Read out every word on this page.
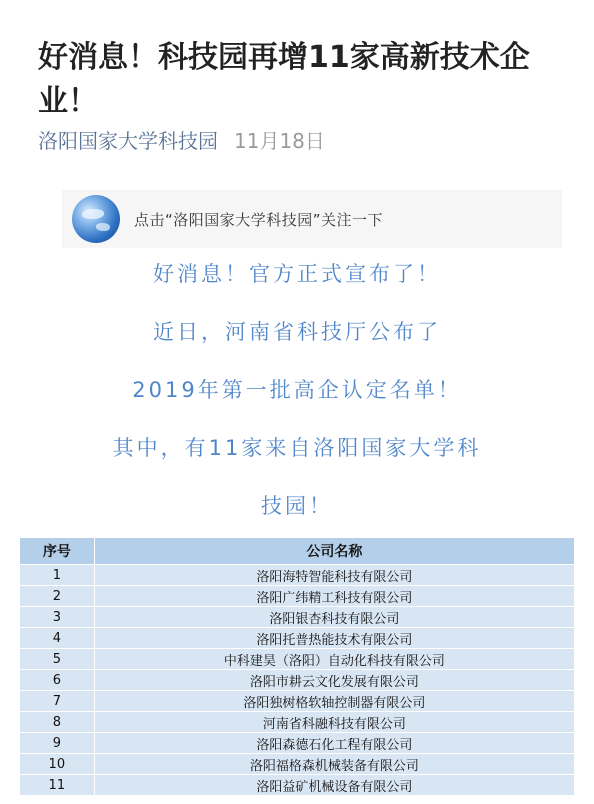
好消息！科技园再增11家高新技术企业！
洛阳国家大学科技园 11月18日
点击“洛阳国家大学科技园”关注一下

好消息！官方正式宣布了！

近日，河南省科技厅公布了

2019年第一批高企认定名单！

其中，有11家来自洛阳国家大学科

技园！

序号	公司名称
1	洛阳海特智能科技有限公司
2	洛阳广纬精工科技有限公司
3	洛阳银杏科技有限公司
4	洛阳托普热能技术有限公司
5	中科建昊（洛阳）自动化科技有限公司
6	洛阳市耕云文化发展有限公司
7	洛阳独树格软轴控制器有限公司
8	河南省科融科技有限公司
9	洛阳森德石化工程有限公司
10	洛阳福格森机械装备有限公司
11	洛阳益矿机械设备有限公司
